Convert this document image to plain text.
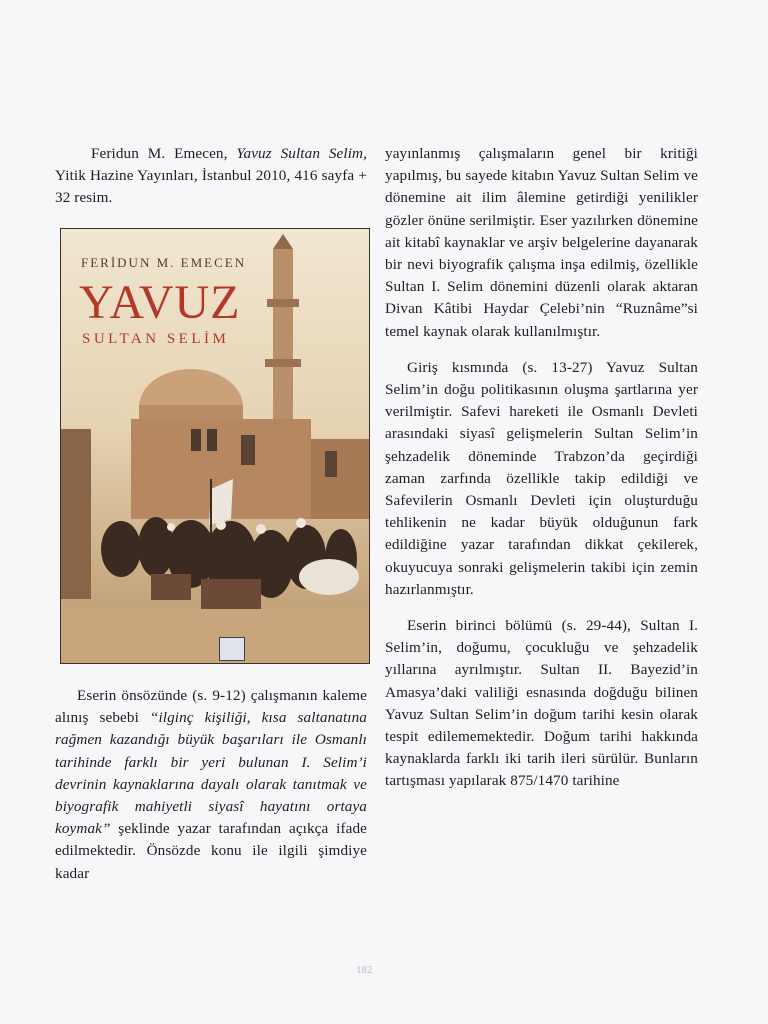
Feridun M. Emecen, Yavuz Sultan Selim, Yitik Hazine Yayınları, İstanbul 2010, 416 sayfa + 32 resim.

FERİDUN M. EMECEN
YAVUZ
SULTAN SELİM

Eserin önsözünde (s. 9-12) çalışmanın kaleme alınış sebebi “ilginç kişiliği, kısa saltanatına rağmen kazandığı büyük başarıları ile Osmanlı tarihinde farklı bir yeri bulunan I. Selim’i devrinin kaynaklarına dayalı olarak tanıtmak ve biyografik mahiyetli siyasî hayatını ortaya koymak” şeklinde yazar tarafından açıkça ifade edilmektedir. Önsözde konu ile ilgili şimdiye kadar

yayınlanmış çalışmaların genel bir kritiği yapılmış, bu sayede kitabın Yavuz Sultan Selim ve dönemine ait ilim âlemine getirdiği yenilikler gözler önüne serilmiştir. Eser yazılırken dönemine ait kitabî kaynaklar ve arşiv belgelerine dayanarak bir nevi biyografik çalışma inşa edilmiş, özellikle Sultan I. Selim dönemini düzenli olarak aktaran Divan Kâtibi Haydar Çelebi’nin “Ruznâme”si temel kaynak olarak kullanılmıştır.

Giriş kısmında (s. 13-27) Yavuz Sultan Selim’in doğu politikasının oluşma şartlarına yer verilmiştir. Safevi hareketi ile Osmanlı Devleti arasındaki siyasî gelişmelerin Sultan Selim’in şehzadelik döneminde Trabzon’da geçirdiği zaman zarfında özellikle takip edildiği ve Safevilerin Osmanlı Devleti için oluşturduğu tehlikenin ne kadar büyük olduğunun fark edildiğine yazar tarafından dikkat çekilerek, okuyucuya sonraki gelişmelerin takibi için zemin hazırlanmıştır.

Eserin birinci bölümü (s. 29-44), Sultan I. Selim’in, doğumu, çocukluğu ve şehzadelik yıllarına ayrılmıştır. Sultan II. Bayezid’in Amasya’daki valiliği esnasında doğduğu bilinen Yavuz Sultan Selim’in doğum tarihi kesin olarak tespit edilememektedir. Doğum tarihi hakkında kaynaklarda farklı iki tarih ileri sürülür. Bunların tartışması yapılarak 875/1470 tarihine

182
